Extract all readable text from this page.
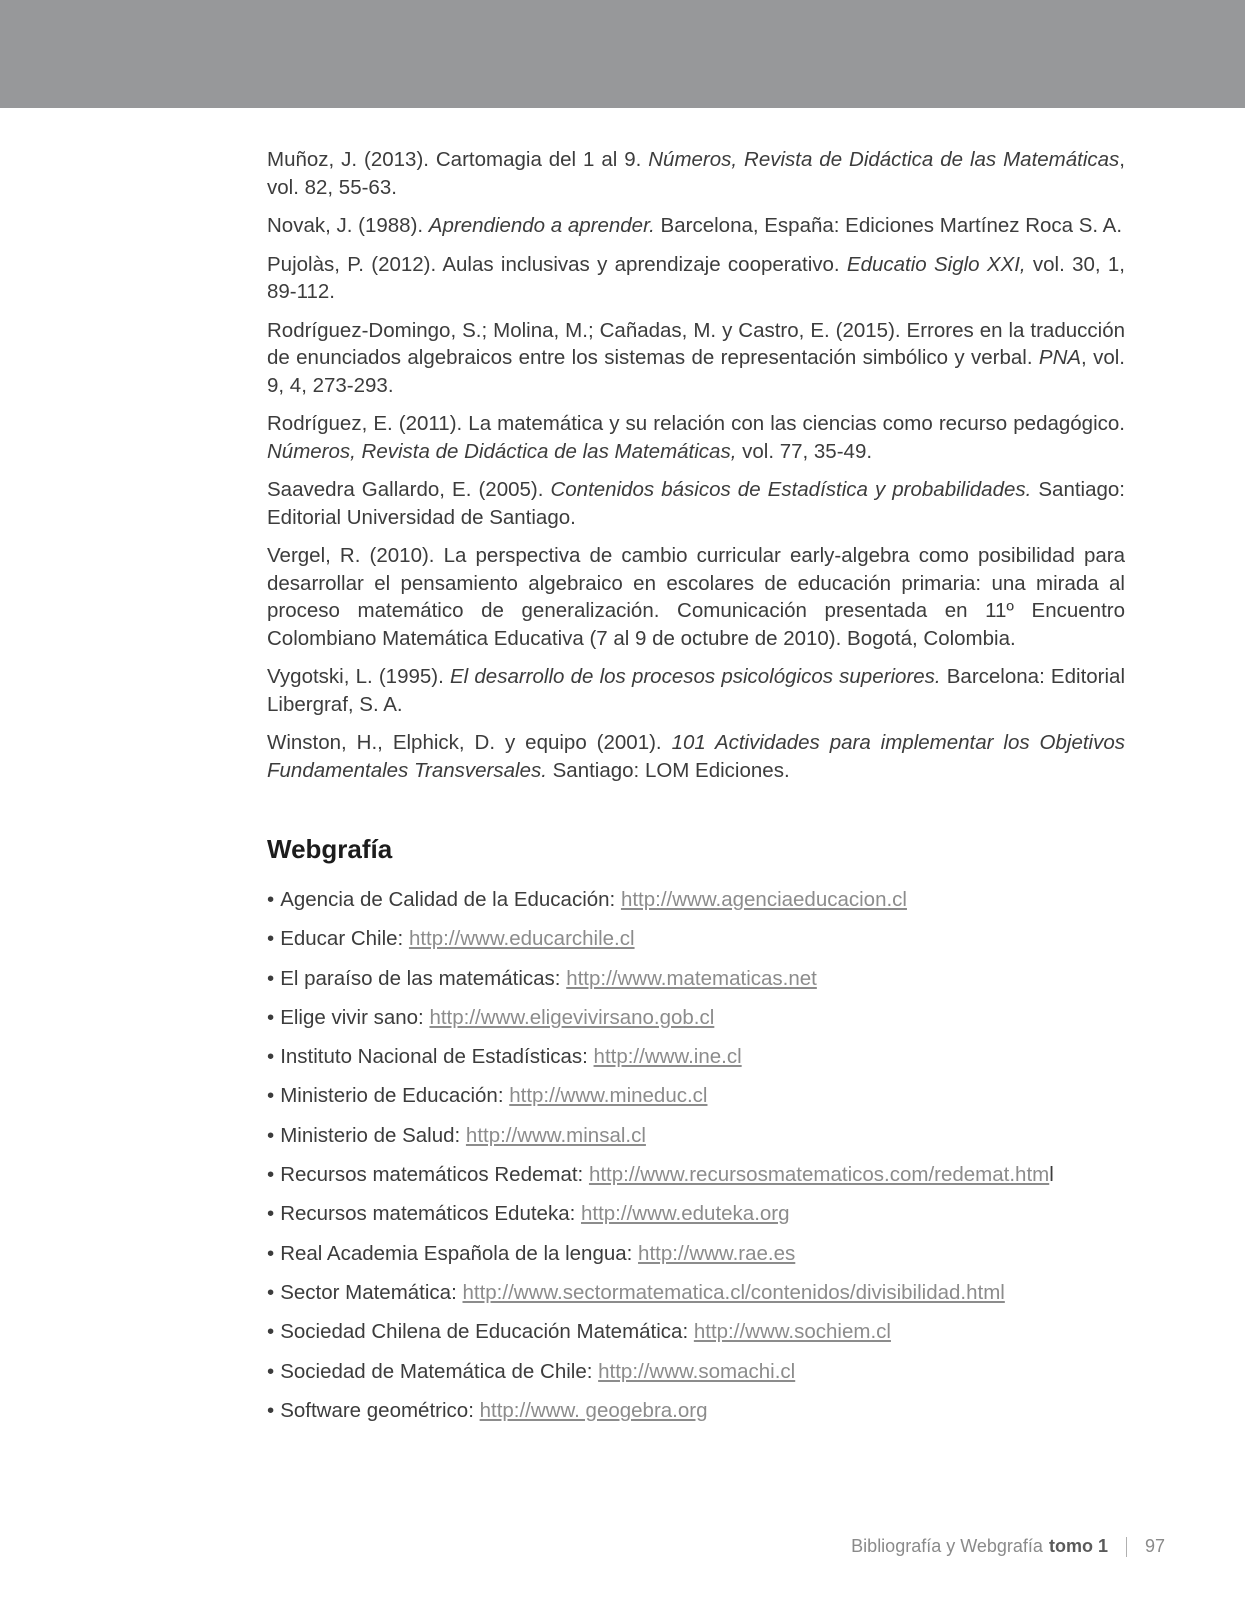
Muñoz, J. (2013). Cartomagia del 1 al 9. Números, Revista de Didáctica de las Matemáticas, vol. 82, 55-63.

Novak, J. (1988). Aprendiendo a aprender. Barcelona, España: Ediciones Martínez Roca S. A.

Pujolàs, P. (2012). Aulas inclusivas y aprendizaje cooperativo. Educatio Siglo XXI, vol. 30, 1, 89-112.

Rodríguez-Domingo, S.; Molina, M.; Cañadas, M. y Castro, E. (2015). Errores en la traducción de enunciados algebraicos entre los sistemas de representación simbólico y verbal. PNA, vol. 9, 4, 273-293.

Rodríguez, E. (2011). La matemática y su relación con las ciencias como recurso pedagógico. Números, Revista de Didáctica de las Matemáticas, vol. 77, 35-49.

Saavedra Gallardo, E. (2005). Contenidos básicos de Estadística y probabilidades. Santiago: Editorial Universidad de Santiago.

Vergel, R. (2010). La perspectiva de cambio curricular early-algebra como posibilidad para desarrollar el pensamiento algebraico en escolares de educación primaria: una mirada al proceso matemático de generalización. Comunicación presentada en 11º Encuentro Colombiano Matemática Educativa (7 al 9 de octubre de 2010). Bogotá, Colombia.

Vygotski, L. (1995). El desarrollo de los procesos psicológicos superiores. Barcelona: Editorial Libergraf, S. A.

Winston, H., Elphick, D. y equipo (2001). 101 Actividades para implementar los Objetivos Fundamentales Transversales. Santiago: LOM Ediciones.

Webgrafía
• Agencia de Calidad de la Educación: http://www.agenciaeducacion.cl
• Educar Chile: http://www.educarchile.cl
• El paraíso de las matemáticas: http://www.matematicas.net
• Elige vivir sano: http://www.eligevivirsano.gob.cl
• Instituto Nacional de Estadísticas: http://www.ine.cl
• Ministerio de Educación: http://www.mineduc.cl
• Ministerio de Salud: http://www.minsal.cl
• Recursos matemáticos Redemat: http://www.recursosmatematicos.com/redemat.html
• Recursos matemáticos Eduteka: http://www.eduteka.org
• Real Academia Española de la lengua: http://www.rae.es
• Sector Matemática: http://www.sectormatematica.cl/contenidos/divisibilidad.html
• Sociedad Chilena de Educación Matemática: http://www.sochiem.cl
• Sociedad de Matemática de Chile: http://www.somachi.cl
• Software geométrico: http://www. geogebra.org
Bibliografía y Webgrafía tomo 1 97
